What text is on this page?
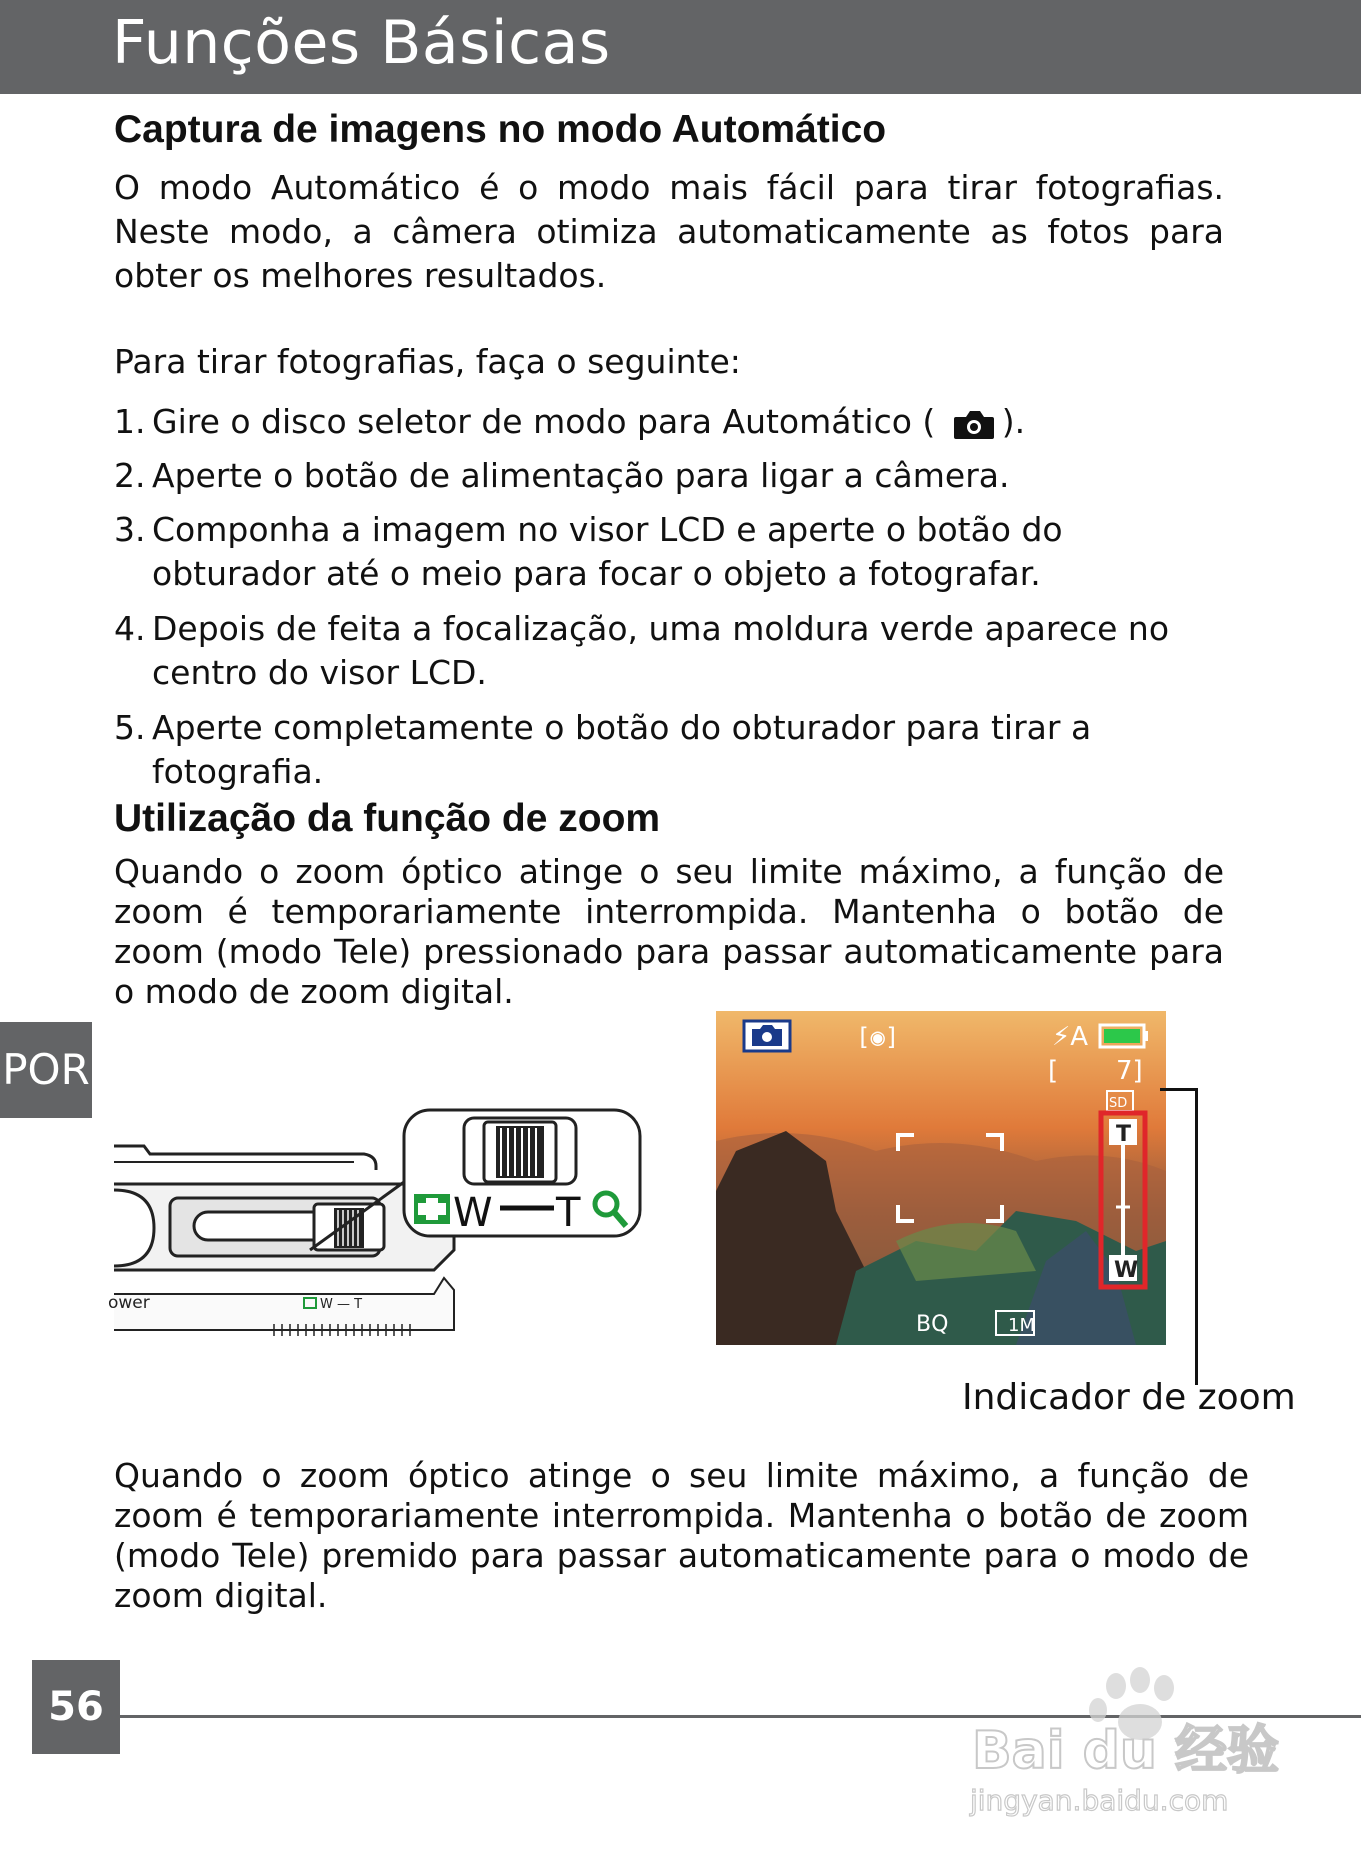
Funções Básicas
Captura de imagens no modo Automático

O modo Automático é o modo mais fácil para tirar fotografias. Neste modo, a câmera otimiza automaticamente as fotos para obter os melhores resultados.

Para tirar fotografias, faça o seguinte:
1. Gire o disco seletor de modo para Automático ( ).
2. Aperte o botão de alimentação para ligar a câmera.
3. Componha a imagem no visor LCD e aperte o botão do obturador até o meio para focar o objeto a fotografar.
4. Depois de feita a focalização, uma moldura verde aparece no centro do visor LCD.
5. Aperte completamente o botão do obturador para tirar a fotografia.
Utilização da função de zoom

Quando o zoom óptico atinge o seu limite máximo, a função de zoom é temporariamente interrompida. Mantenha o botão de zoom (modo Tele) pressionado para passar automaticamente para o modo de zoom digital.

POR
ower	W — T
W T
[◉]	⚡A
[ 7]
SD
T
W
BQ	1M
Indicador de zoom

Quando o zoom óptico atinge o seu limite máximo, a função de zoom é temporariamente interrompida. Mantenha o botão de zoom (modo Tele) premido para passar automaticamente para o modo de zoom digital.

56
Bai du 经验
jingyan.baidu.com
